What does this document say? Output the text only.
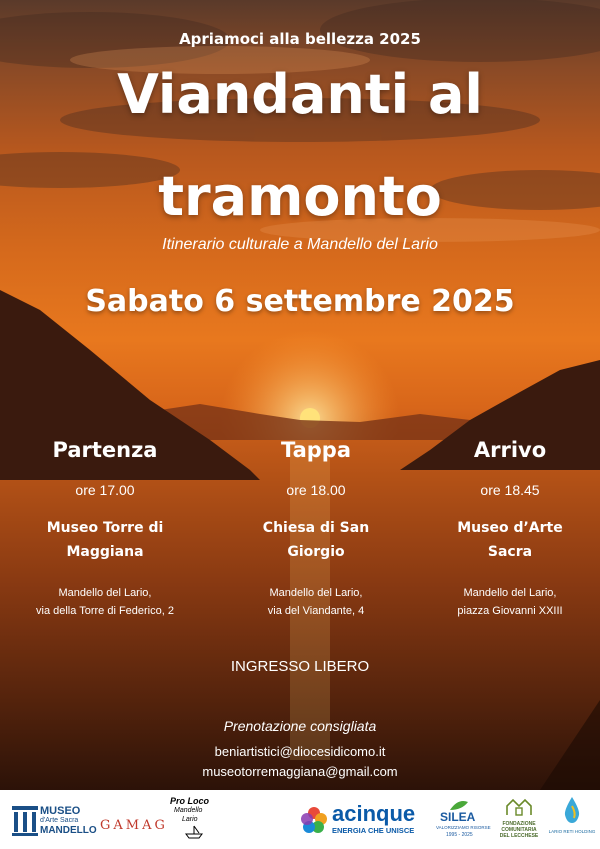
Apriamoci alla bellezza 2025
Viandanti al
tramonto
Itinerario culturale a Mandello del Lario
Sabato 6 settembre 2025
Partenza
ore 17.00
Museo Torre di
Maggiana
Mandello del Lario,
via della Torre di Federico, 2
Tappa
ore 18.00
Chiesa di San
Giorgio
Mandello del Lario,
via del Viandante, 4
Arrivo
ore 18.45
Museo d’Arte
Sacra
Mandello del Lario,
piazza Giovanni XXIII
INGRESSO LIBERO
Prenotazione consigliata
beniartistici@diocesidicomo.it
museotorremaggiana@gmail.com
MUSEO
d'Arte Sacra
MANDELLO GAMAG
Pro Loco
Mandello
Lario	acinque
ENERGIA CHE UNISCE
SILEA
VALORIZZIAMO RISORSE
1995 - 2025
FONDAZIONE
COMUNITARIA
DEL LECCHESE
LARIO RETI HOLDING
